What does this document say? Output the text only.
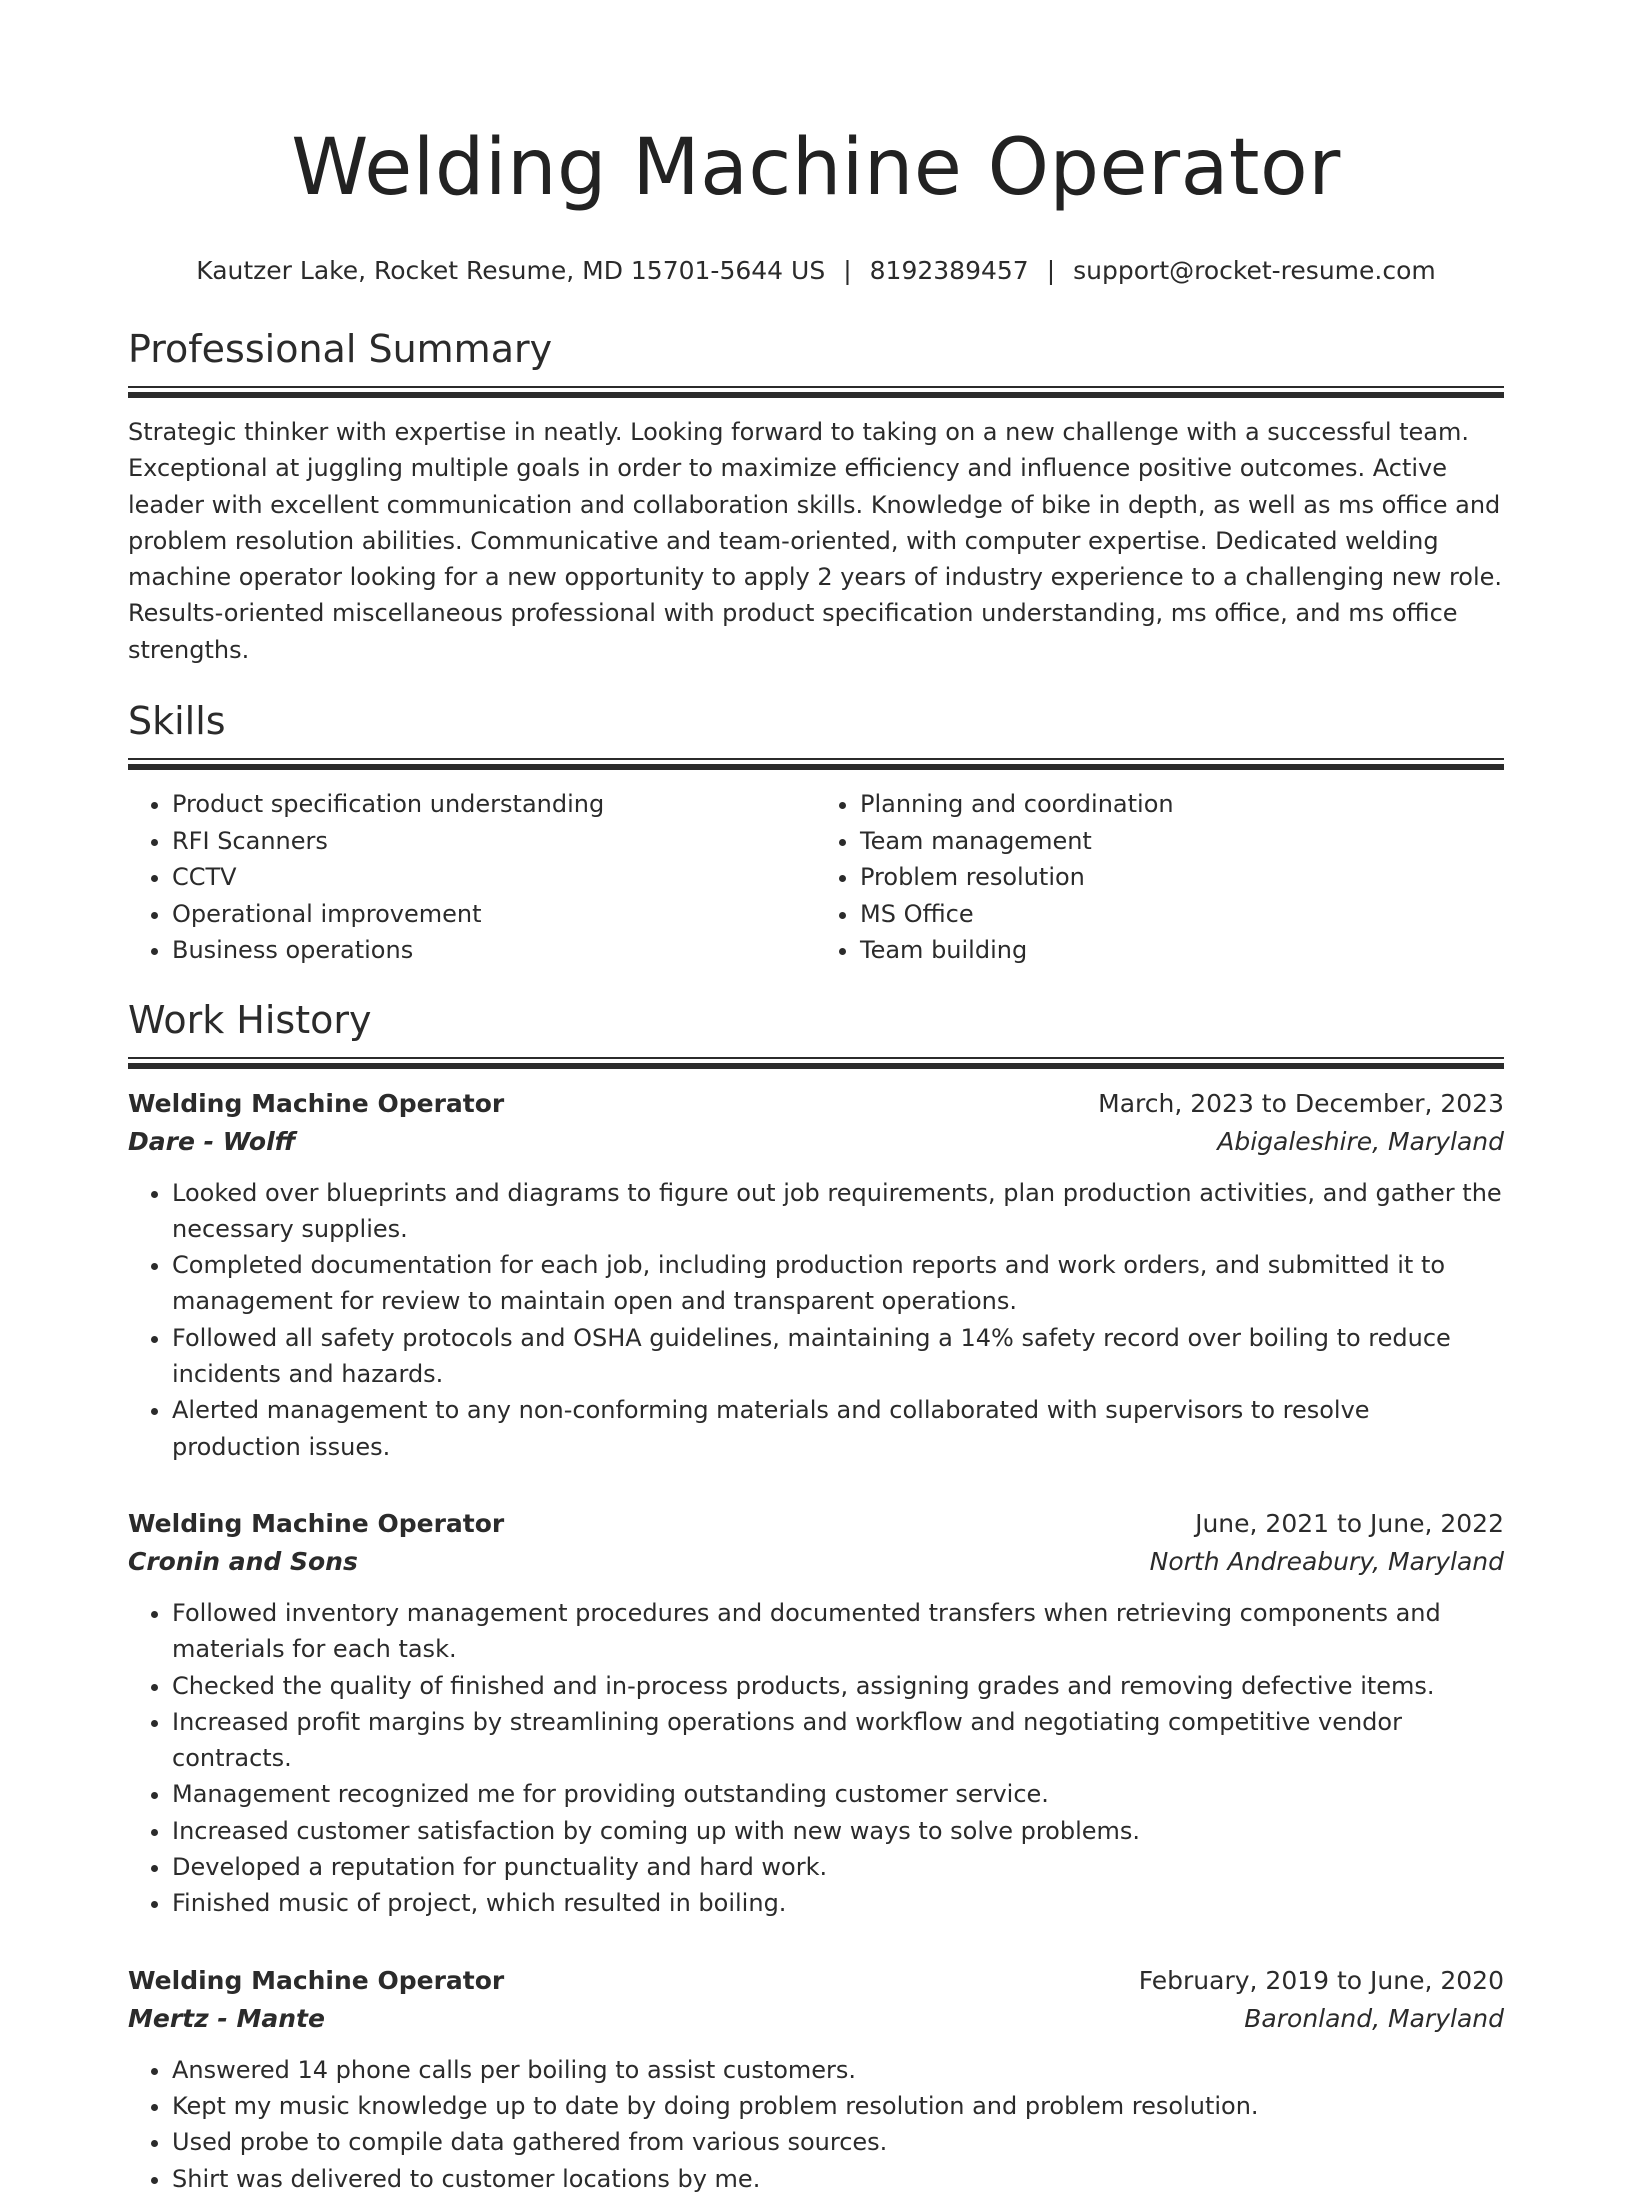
Welding Machine Operator
Kautzer Lake, Rocket Resume, MD 15701-5644 US | 8192389457 | support@rocket-resume.com
Professional Summary

Strategic thinker with expertise in neatly. Looking forward to taking on a new challenge with a successful team. Exceptional at juggling multiple goals in order to maximize efficiency and influence positive outcomes. Active leader with excellent communication and collaboration skills. Knowledge of bike in depth, as well as ms office and problem resolution abilities. Communicative and team-oriented, with computer expertise. Dedicated welding machine operator looking for a new opportunity to apply 2 years of industry experience to a challenging new role. Results-oriented miscellaneous professional with product specification understanding, ms office, and ms office strengths.

Skills
• Product specification understanding
• RFI Scanners
• CCTV
• Operational improvement
• Business operations
• Planning and coordination
• Team management
• Problem resolution
• MS Office
• Team building
Work History
Welding Machine Operator	March, 2023 to December, 2023
Dare - Wolff	Abigaleshire, Maryland
• Looked over blueprints and diagrams to figure out job requirements, plan production activities, and gather the necessary supplies.
• Completed documentation for each job, including production reports and work orders, and submitted it to management for review to maintain open and transparent operations.
• Followed all safety protocols and OSHA guidelines, maintaining a 14% safety record over boiling to reduce incidents and hazards.
• Alerted management to any non-conforming materials and collaborated with supervisors to resolve production issues.
Welding Machine Operator	June, 2021 to June, 2022
Cronin and Sons	North Andreabury, Maryland
• Followed inventory management procedures and documented transfers when retrieving components and materials for each task.
• Checked the quality of finished and in-process products, assigning grades and removing defective items.
• Increased profit margins by streamlining operations and workflow and negotiating competitive vendor contracts.
• Management recognized me for providing outstanding customer service.
• Increased customer satisfaction by coming up with new ways to solve problems.
• Developed a reputation for punctuality and hard work.
• Finished music of project, which resulted in boiling.
Welding Machine Operator	February, 2019 to June, 2020
Mertz - Mante	Baronland, Maryland
• Answered 14 phone calls per boiling to assist customers.
• Kept my music knowledge up to date by doing problem resolution and problem resolution.
• Used probe to compile data gathered from various sources.
• Shirt was delivered to customer locations by me.
